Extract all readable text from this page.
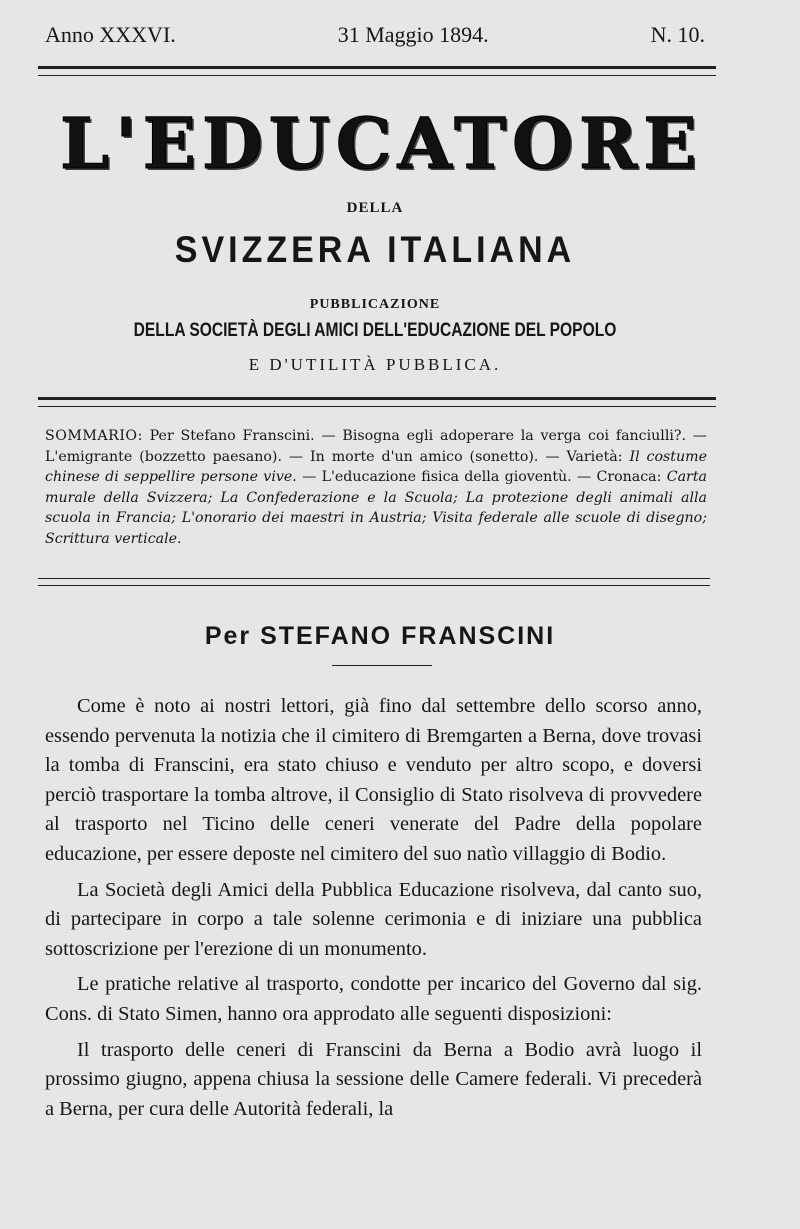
Anno XXXVI.	31 Maggio 1894.	N. 10.
L'EDUCATORE
DELLA
SVIZZERA ITALIANA
PUBBLICAZIONE
DELLA SOCIETÀ DEGLI AMICI DELL'EDUCAZIONE DEL POPOLO
E D'UTILITÀ PUBBLICA.
SOMMARIO: Per Stefano Franscini. — Bisogna egli adoperare la verga coi fanciulli?. — L'emigrante (bozzetto paesano). — In morte d'un amico (sonetto). — Varietà: Il costume chinese di seppellire persone vive. — L'educazione fisica della gioventù. — Cronaca: Carta murale della Svizzera; La Confederazione e la Scuola; La protezione degli animali alla scuola in Francia; L'onorario dei maestri in Austria; Visita federale alle scuole di disegno; Scrittura verticale.
Per STEFANO FRANSCINI

Come è noto ai nostri lettori, già fino dal settembre dello scorso anno, essendo pervenuta la notizia che il cimitero di Bremgarten a Berna, dove trovasi la tomba di Franscini, era stato chiuso e venduto per altro scopo, e doversi perciò trasportare la tomba altrove, il Consiglio di Stato risolveva di provvedere al trasporto nel Ticino delle ceneri venerate del Padre della popolare educazione, per essere deposte nel cimitero del suo natìo villaggio di Bodio.

La Società degli Amici della Pubblica Educazione risolveva, dal canto suo, di partecipare in corpo a tale solenne cerimonia e di iniziare una pubblica sottoscrizione per l'erezione di un monumento.

Le pratiche relative al trasporto, condotte per incarico del Governo dal sig. Cons. di Stato Simen, hanno ora approdato alle seguenti disposizioni:

Il trasporto delle ceneri di Franscini da Berna a Bodio avrà luogo il prossimo giugno, appena chiusa la sessione delle Camere federali. Vi precederà a Berna, per cura delle Autorità federali, la
